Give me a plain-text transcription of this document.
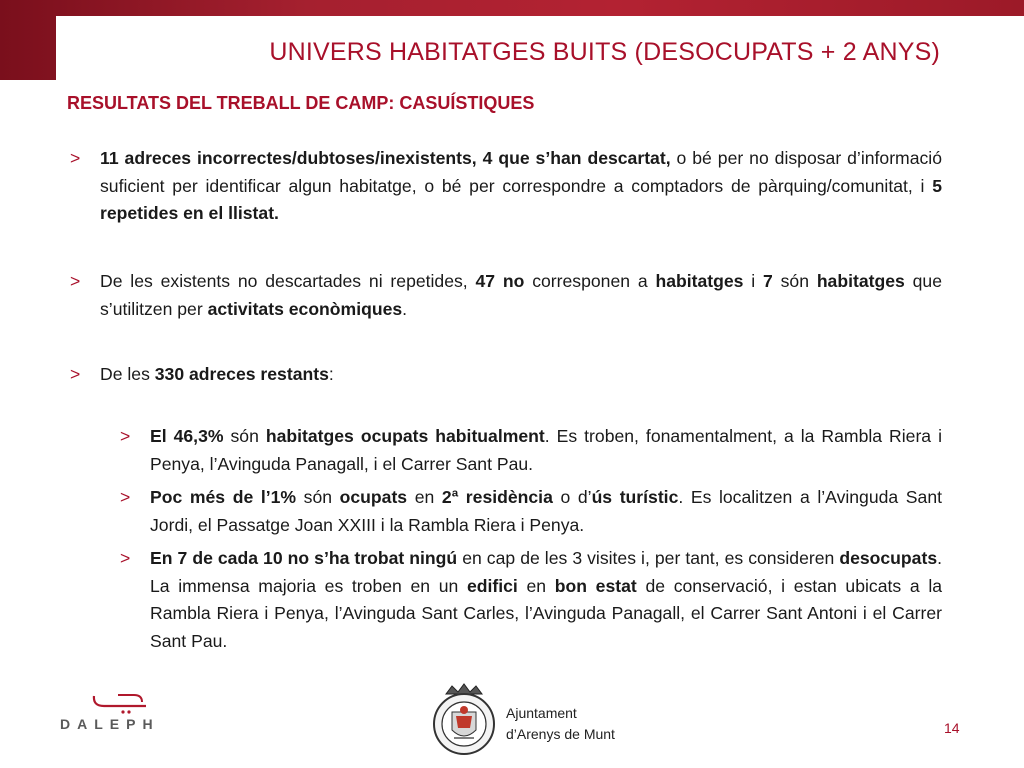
UNIVERS HABITATGES BUITS (DESOCUPATS + 2 ANYS)
RESULTATS DEL TREBALL DE CAMP: CASUÍSTIQUES
> 11 adreces incorrectes/dubtoses/inexistents, 4 que s’han descartat, o bé per no disposar d’informació suficient per identificar algun habitatge, o bé per correspondre a comptadors de pàrquing/comunitat, i 5 repetides en el llistat.
> De les existents no descartades ni repetides, 47 no corresponen a habitatges i 7 són habitatges que s’utilitzen per activitats econòmiques.
> De les 330 adreces restants:
> El 46,3% són habitatges ocupats habitualment. Es troben, fonamentalment, a la Rambla Riera i Penya, l’Avinguda Panagall, i el Carrer Sant Pau.
> Poc més de l’1% són ocupats en 2ª residència o d’ús turístic. Es localitzen a l’Avinguda Sant Jordi, el Passatge Joan XXIII i la Rambla Riera i Penya.
> En 7 de cada 10 no s’ha trobat ningú en cap de les 3 visites i, per tant, es consideren desocupats. La immensa majoria es troben en un edifici en bon estat de conservació, i estan ubicats a la Rambla Riera i Penya, l’Avinguda Sant Carles, l’Avinguda Panagall, el Carrer Sant Antoni i el Carrer Sant Pau.
DALEPH
Ajuntament
d’Arenys de Munt	14
